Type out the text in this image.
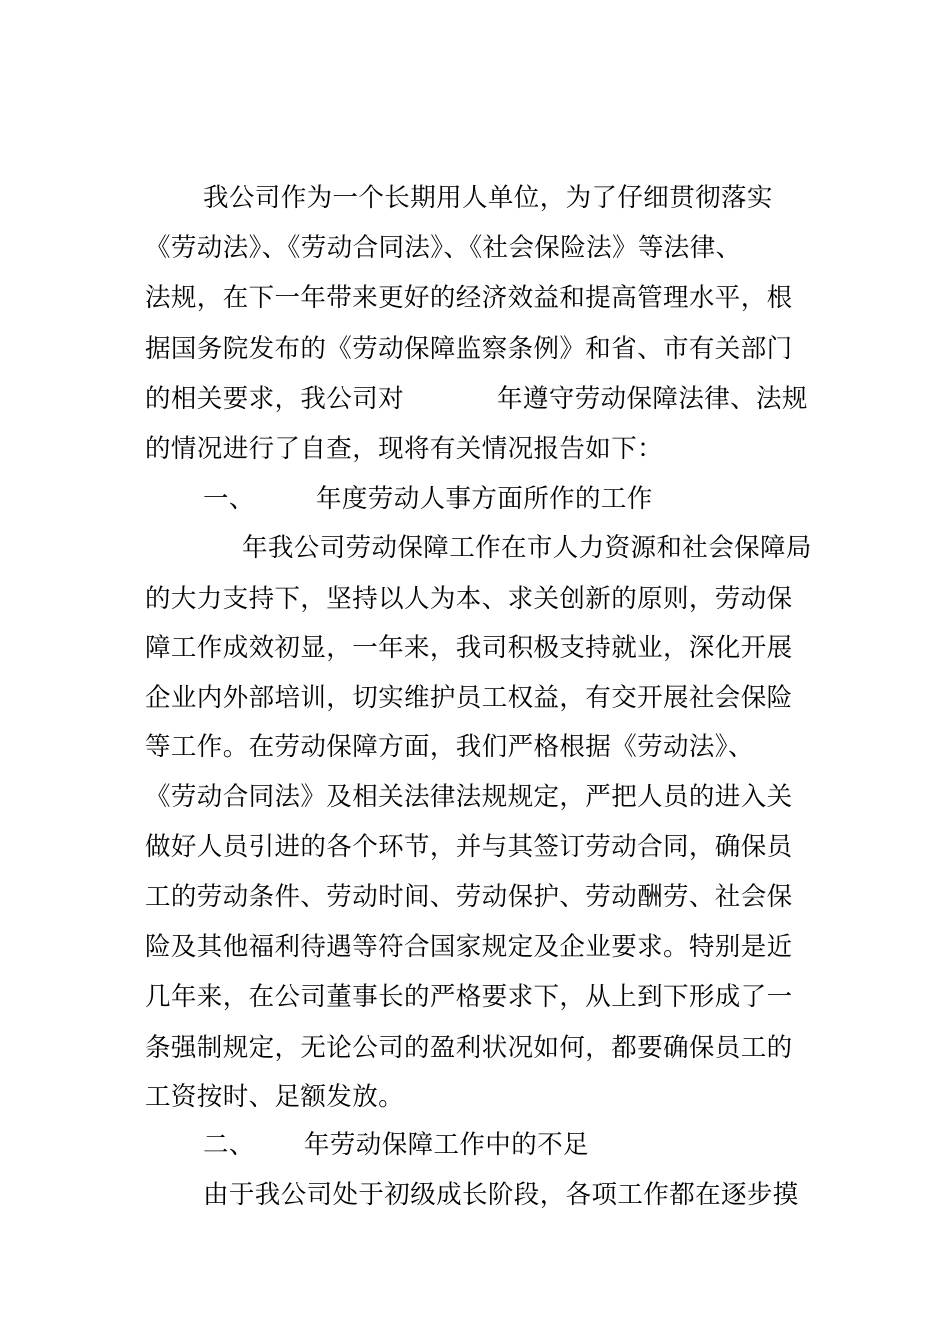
我公司作为一个长期用人单位，为了仔细贯彻落实
《劳动法》、《劳动合同法》、《社会保险法》等法律、
法规，在下一年带来更好的经济效益和提高管理水平，根
据国务院发布的《劳动保障监察条例》和省、市有关部门
的相关要求，我公司对	年遵守劳动保障法律、法规
的情况进行了自查，现将有关情况报告如下：
一、 年度劳动人事方面所作的工作
年我公司劳动保障工作在市人力资源和社会保障局
的大力支持下，坚持以人为本、求关创新的原则，劳动保
障工作成效初显，一年来，我司积极支持就业，深化开展
企业内外部培训，切实维护员工权益，有交开展社会保险
等工作。在劳动保障方面，我们严格根据《劳动法》、
《劳动合同法》及相关法律法规规定，严把人员的进入关
做好人员引进的各个环节，并与其签订劳动合同，确保员
工的劳动条件、劳动时间、劳动保护、劳动酬劳、社会保
险及其他福利待遇等符合国家规定及企业要求。特别是近
几年来，在公司董事长的严格要求下，从上到下形成了一
条强制规定，无论公司的盈利状况如何，都要确保员工的
工资按时、足额发放。
二、 年劳动保障工作中的不足
由于我公司处于初级成长阶段，各项工作都在逐步摸
